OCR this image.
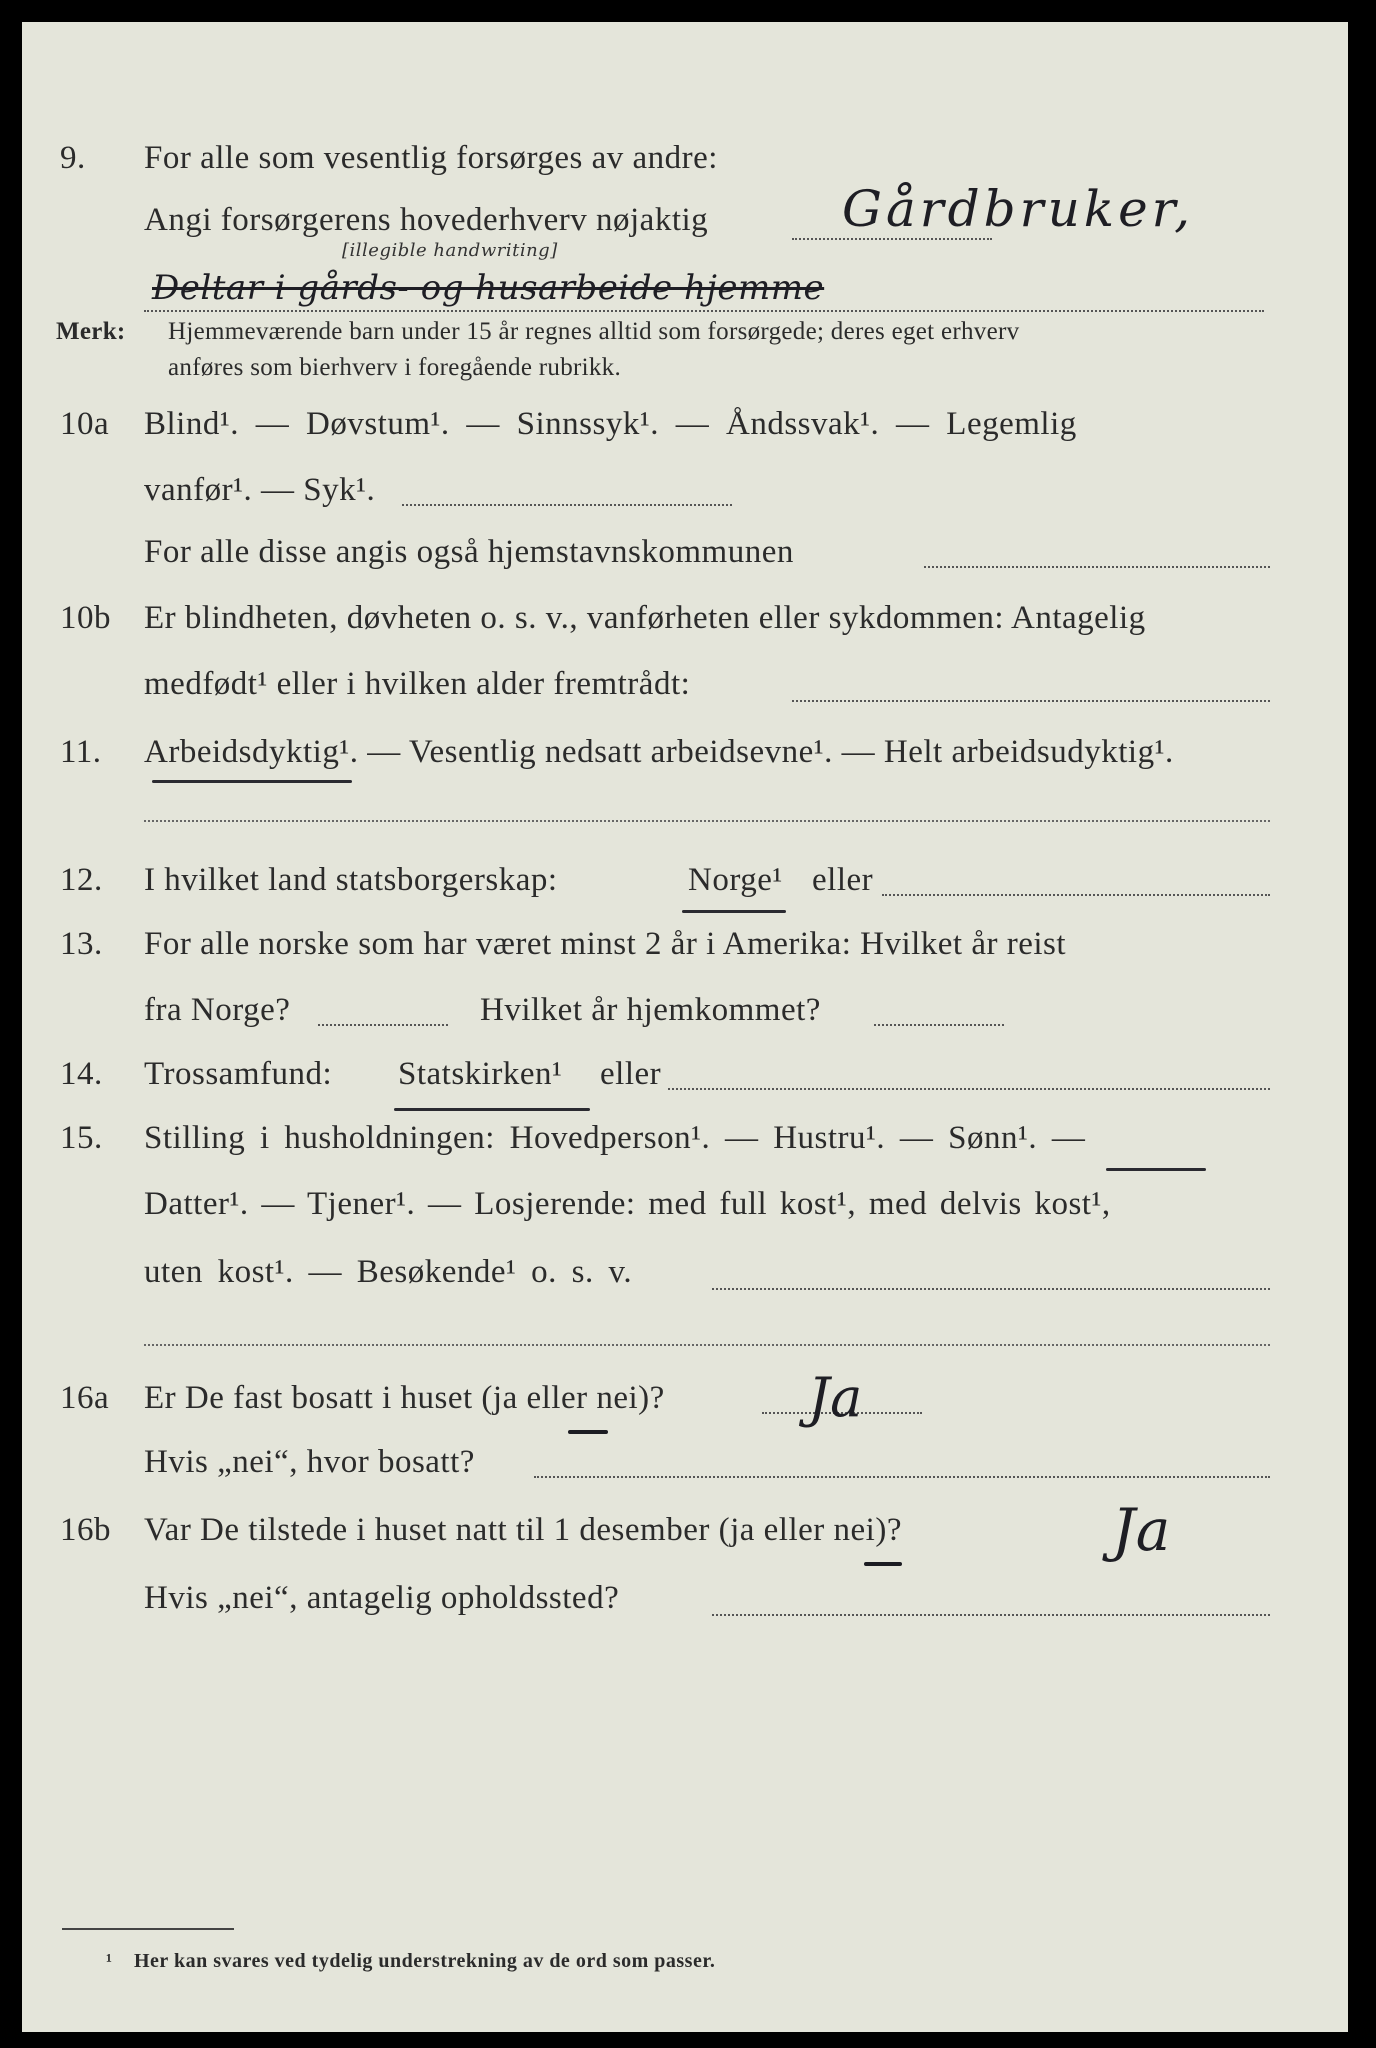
9. For alle som vesentlig forsørges av andre:
Angi forsørgerens hovederhverv nøjaktig	Gårdbruker,
[illegible handwriting]
Deltar i gårds- og husarbeide hjemme
Merk: Hjemmeværende barn under 15 år regnes alltid som forsørgede; deres eget erhverv
anføres som bierhverv i foregående rubrikk.
10a Blind¹. — Døvstum¹. — Sinnssyk¹. — Åndssvak¹. — Legemlig
vanfør¹. — Syk¹.
For alle disse angis også hjemstavnskommunen
10b Er blindheten, døvheten o. s. v., vanførheten eller sykdommen: Antagelig
medfødt¹ eller i hvilken alder fremtrådt:
11. Arbeidsdyktig¹. — Vesentlig nedsatt arbeidsevne¹. — Helt arbeidsudyktig¹.
12. I hvilket land statsborgerskap:	Norge¹ eller
13. For alle norske som har været minst 2 år i Amerika: Hvilket år reist
fra Norge?	Hvilket år hjemkommet?
14. Trossamfund: Statskirken¹ eller
15. Stilling i husholdningen: Hovedperson¹. — Hustru¹. — Sønn¹. —
Datter¹. — Tjener¹. — Losjerende: med full kost¹, med delvis kost¹,
uten kost¹. — Besøkende¹ o. s. v.
16a Er De fast bosatt i huset (ja eller nei)?	Ja
Hvis „nei“, hvor bosatt?
16b Var De tilstede i huset natt til 1 desember (ja eller nei)?	Ja
Hvis „nei“, antagelig opholdssted?
¹ Her kan svares ved tydelig understrekning av de ord som passer.
